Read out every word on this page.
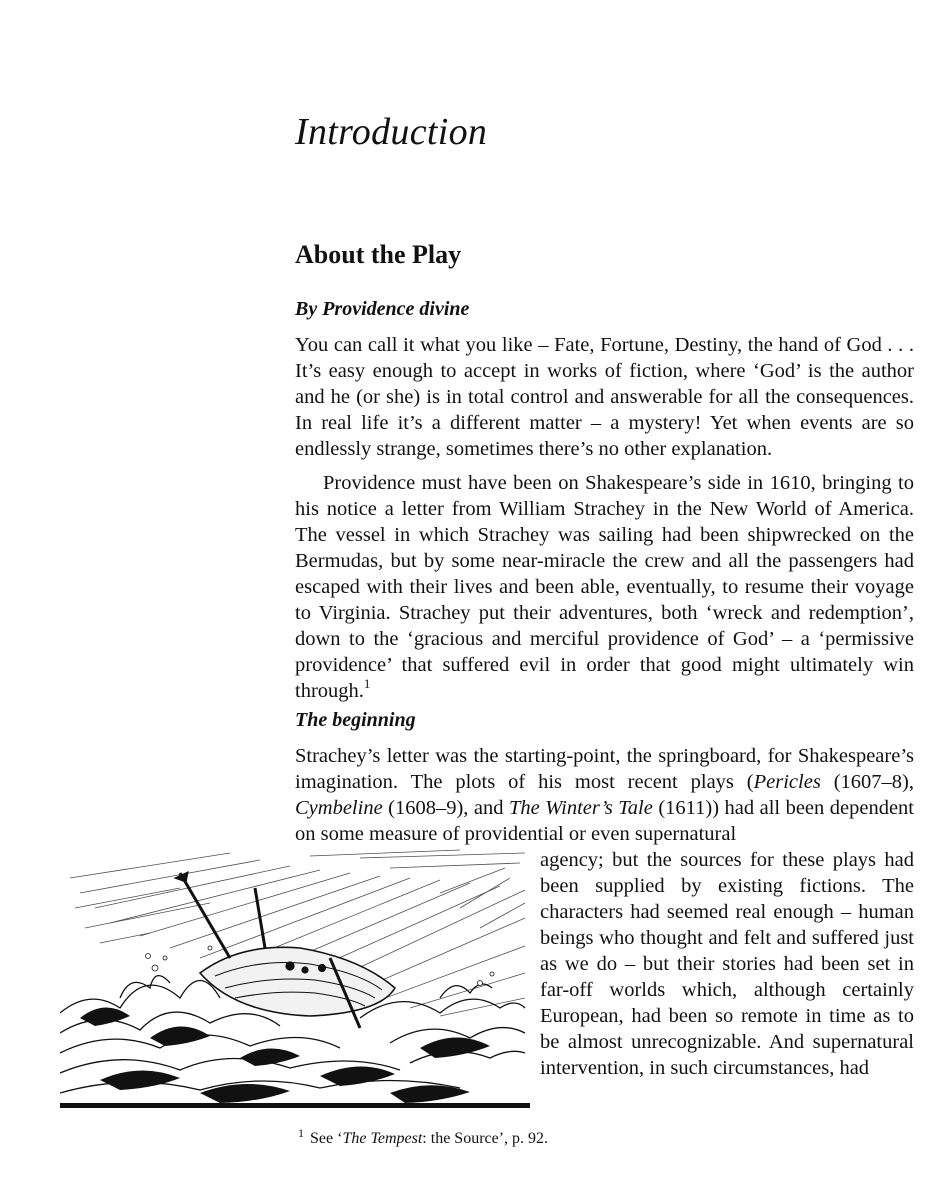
Introduction
About the Play
By Providence divine

You can call it what you like – Fate, Fortune, Destiny, the hand of God . . . It’s easy enough to accept in works of fiction, where ‘God’ is the author and he (or she) is in total control and answerable for all the consequences. In real life it’s a different matter – a mystery! Yet when events are so endlessly strange, sometimes there’s no other explanation.

Providence must have been on Shakespeare’s side in 1610, bringing to his notice a letter from William Strachey in the New World of America. The vessel in which Strachey was sailing had been shipwrecked on the Bermudas, but by some near-miracle the crew and all the passengers had escaped with their lives and been able, eventually, to resume their voyage to Virginia. Strachey put their adventures, both ‘wreck and redemption’, down to the ‘gracious and merciful providence of God’ – a ‘permissive providence’ that suffered evil in order that good might ultimately win through.$^1$

The beginning

Strachey’s letter was the starting-point, the springboard, for Shakespeare’s imagination. The plots of his most recent plays (Pericles (1607–8), Cymbeline (1608–9), and The Winter’s Tale (1611)) had all been dependent on some measure of providential or even supernatural

agency; but the sources for these plays had been supplied by existing fictions. The characters had seemed real enough – human beings who thought and felt and suffered just as we do – but their stories had been set in far-off worlds which, although certainly European, had been so remote in time as to be almost unrecognizable. And supernatural intervention, in such circumstances, had

$^1$ See ‘The Tempest: the Source’, p. 92.
